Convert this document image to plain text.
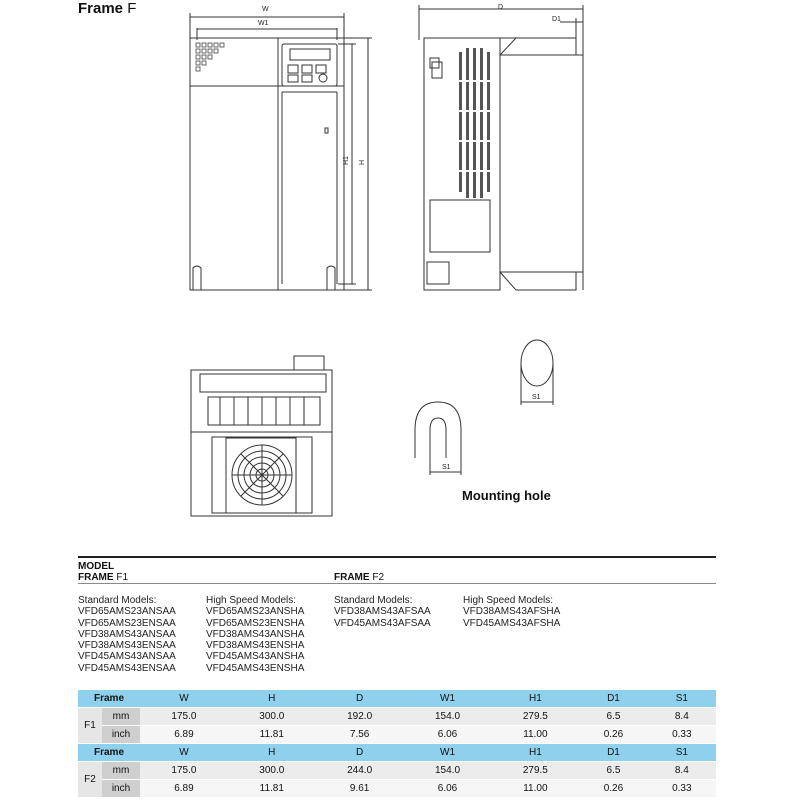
Frame F	W
W1
D
D1
H1 H
S1
S1
Mounting hole
MODEL
FRAME F1	FRAME F2
Standard Models:
VFD65AMS23ANSAA
VFD65AMS23ENSAA
VFD38AMS43ANSAA
VFD38AMS43ENSAA
VFD45AMS43ANSAA
VFD45AMS43ENSAA
High Speed Models:
VFD65AMS23ANSHA
VFD65AMS23ENSHA
VFD38AMS43ANSHA
VFD38AMS43ENSHA
VFD45AMS43ANSHA
VFD45AMS43ENSHA
Standard Models:
VFD38AMS43AFSAA
VFD45AMS43AFSAA
High Speed Models:
VFD38AMS43AFSHA
VFD45AMS43AFSHA
Frame		W	H	D	W1	H1	D1	S1
F1	mm	175.0	300.0	192.0	154.0	279.5	6.5	8.4
	inch	6.89	11.81	7.56	6.06	11.00	0.26	0.33
Frame		W	H	D	W1	H1	D1	S1
F2	mm	175.0	300.0	244.0	154.0	279.5	6.5	8.4
	inch	6.89	11.81	9.61	6.06	11.00	0.26	0.33
